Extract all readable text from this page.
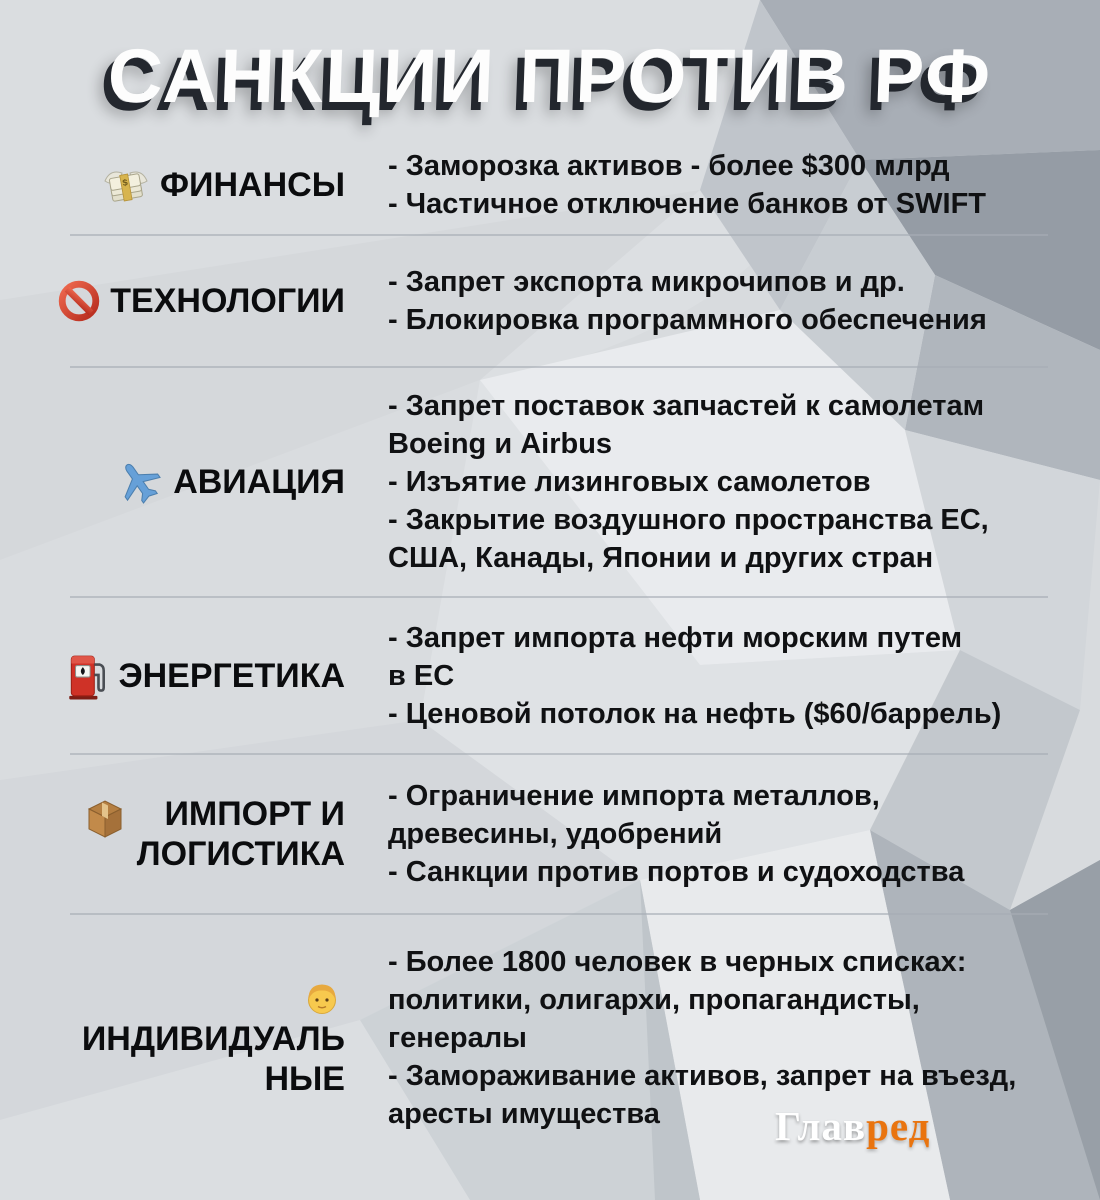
САНКЦИИ ПРОТИВ РФ
$ ФИНАНСЫ - Заморозка активов - более $300 млрд
- Частичное отключение банков от SWIFT
ТЕХНОЛОГИИ - Запрет экспорта микрочипов и др.
- Блокировка программного обеспечения
АВИАЦИЯ
- Запрет поставок запчастей к самолетам
Boeing и Airbus
- Изъятие лизинговых самолетов
- Закрытие воздушного пространства ЕС,
США, Канады, Японии и других стран
ЭНЕРГЕТИКА
- Запрет импорта нефти морским путем
в ЕС
- Ценовой потолок на нефть ($60/баррель)
ИМПОРТ И
ЛОГИСТИКА
- Ограничение импорта металлов,
древесины, удобрений
- Санкции против портов и судоходства
ИНДИВИДУАЛЬ
НЫЕ
- Более 1800 человек в черных списках:
политики, олигархи, пропагандисты,
генералы
- Замораживание активов, запрет на въезд,
аресты имущества	Главред
